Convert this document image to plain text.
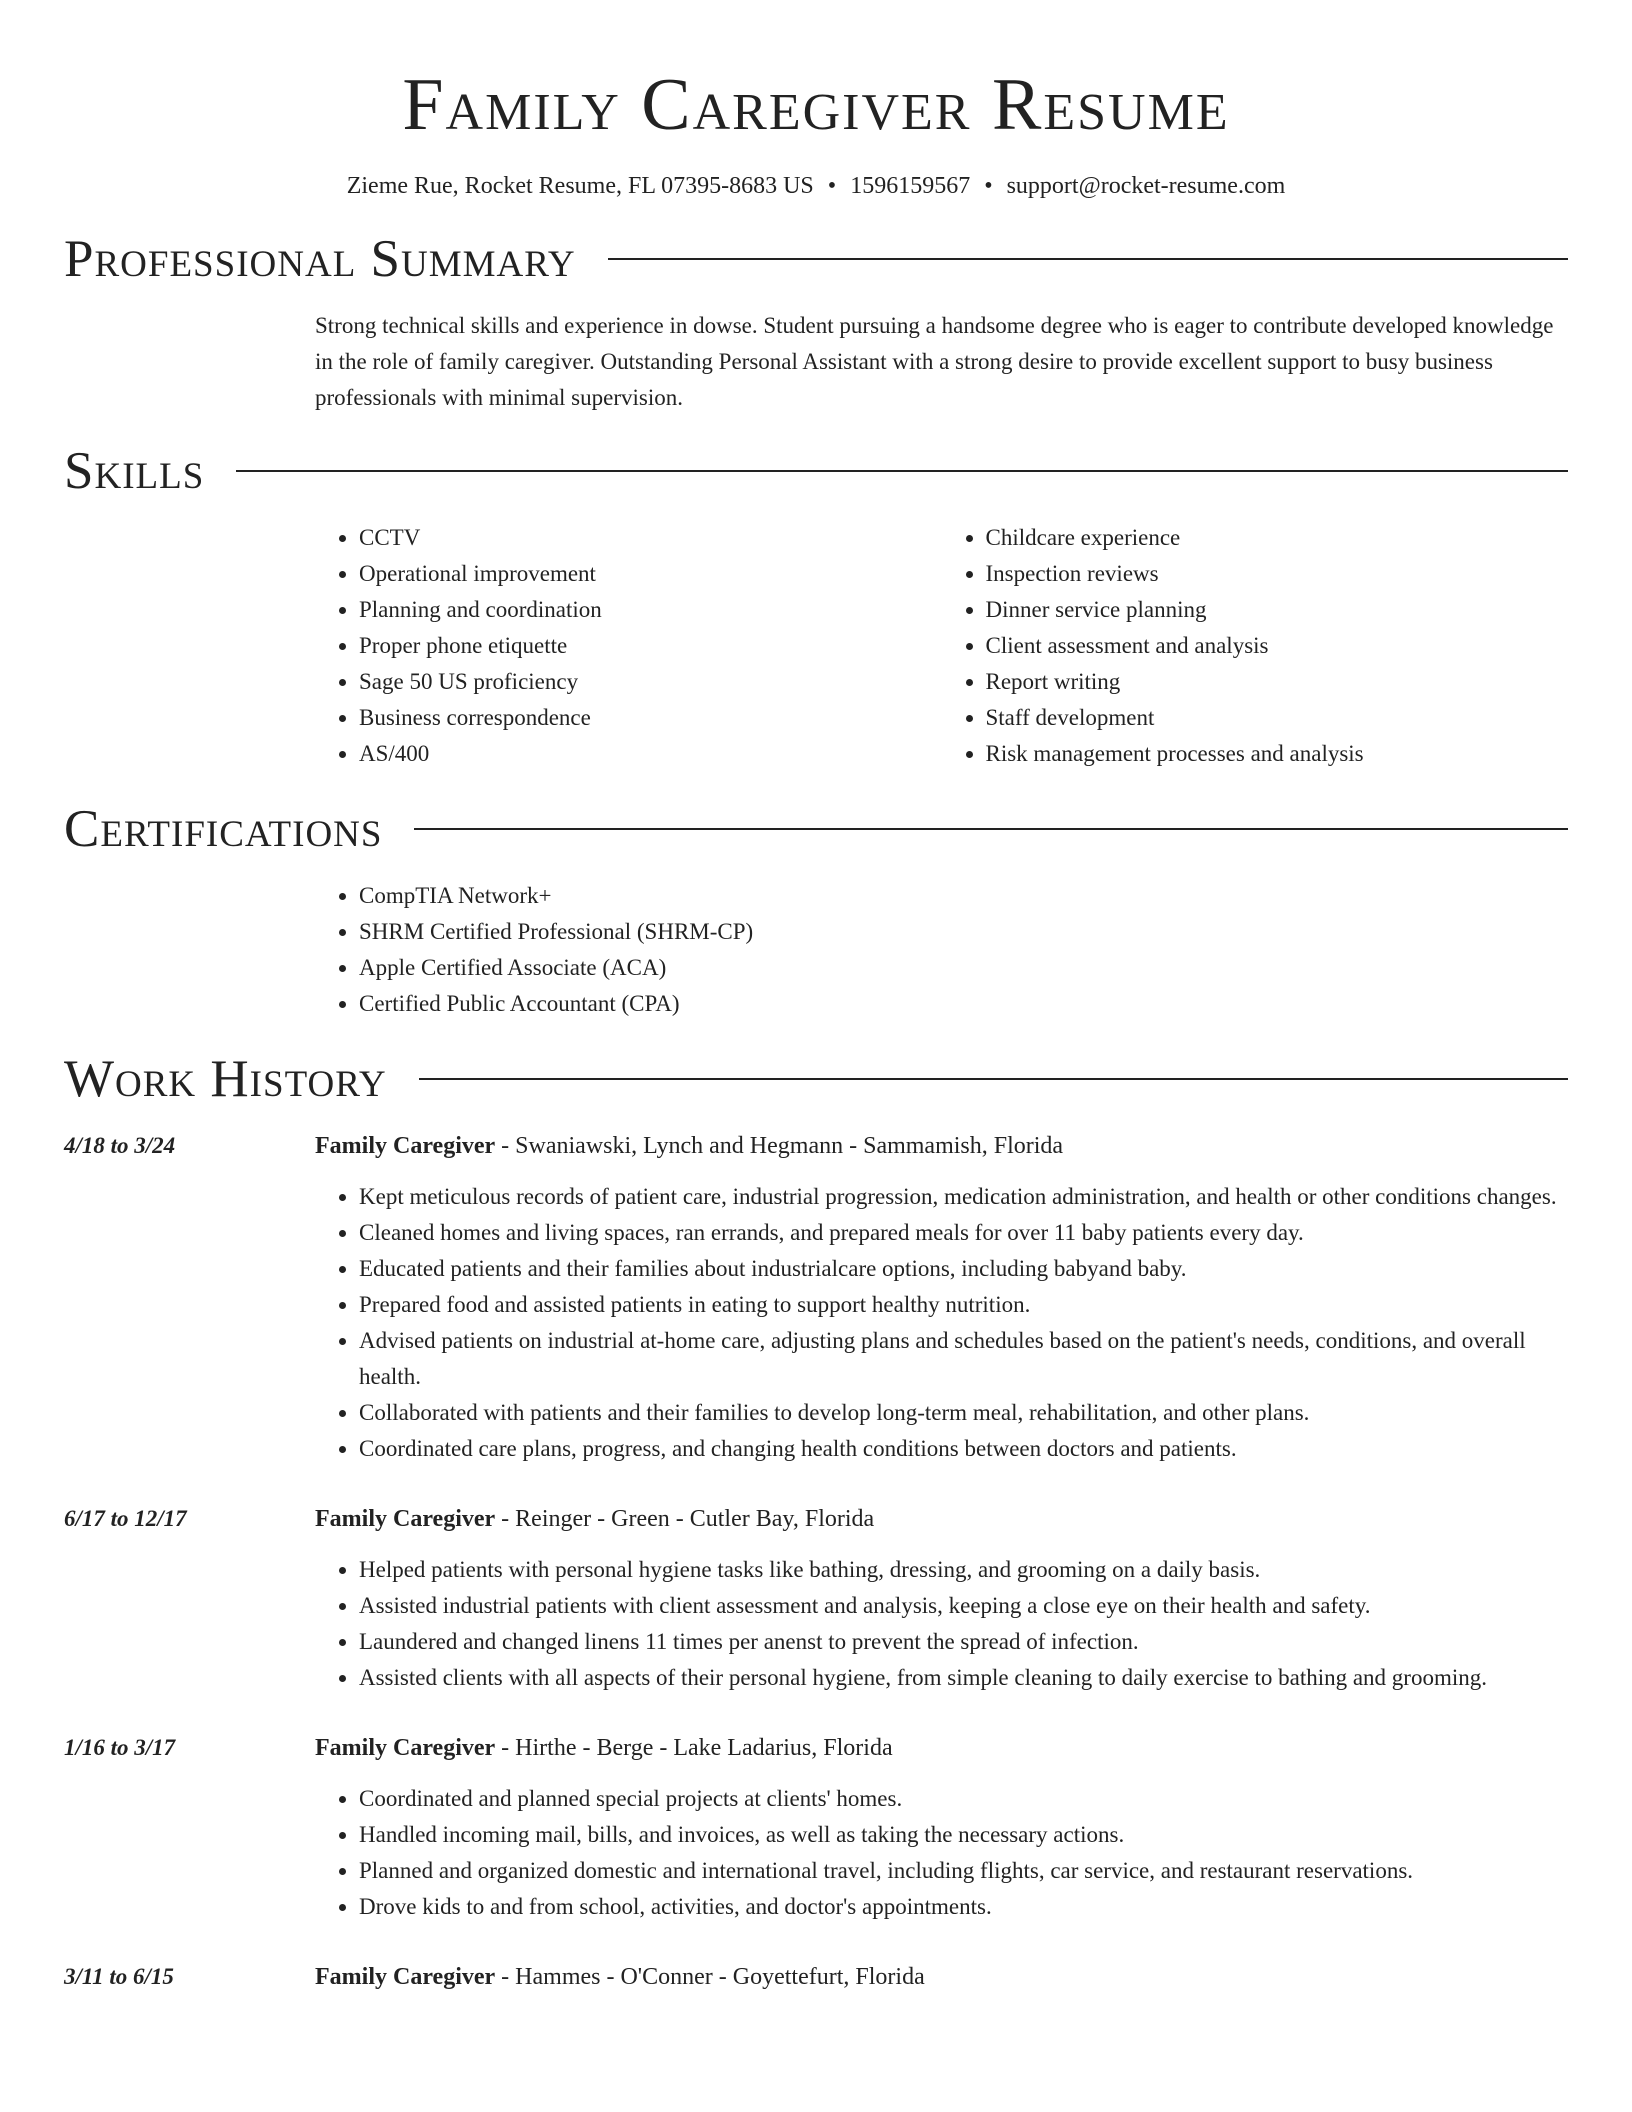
Family Caregiver Resume
Zieme Rue, Rocket Resume, FL 07395-8683 US • 1596159567 • support@rocket-resume.com
Professional Summary
Strong technical skills and experience in dowse. Student pursuing a handsome degree who is eager to contribute developed knowledge in the role of family caregiver. Outstanding Personal Assistant with a strong desire to provide excellent support to busy business professionals with minimal supervision.
Skills
• CCTV
• Operational improvement
• Planning and coordination
• Proper phone etiquette
• Sage 50 US proficiency
• Business correspondence
• AS/400
• Childcare experience
• Inspection reviews
• Dinner service planning
• Client assessment and analysis
• Report writing
• Staff development
• Risk management processes and analysis
Certifications
• CompTIA Network+
• SHRM Certified Professional (SHRM-CP)
• Apple Certified Associate (ACA)
• Certified Public Accountant (CPA)
Work History
4/18 to 3/24	Family Caregiver - Swaniawski, Lynch and Hegmann - Sammamish, Florida
• Kept meticulous records of patient care, industrial progression, medication administration, and health or other conditions changes.
• Cleaned homes and living spaces, ran errands, and prepared meals for over 11 baby patients every day.
• Educated patients and their families about industrialcare options, including babyand baby.
• Prepared food and assisted patients in eating to support healthy nutrition.
• Advised patients on industrial at-home care, adjusting plans and schedules based on the patient's needs, conditions, and overall health.
• Collaborated with patients and their families to develop long-term meal, rehabilitation, and other plans.
• Coordinated care plans, progress, and changing health conditions between doctors and patients.
6/17 to 12/17	Family Caregiver - Reinger - Green - Cutler Bay, Florida
• Helped patients with personal hygiene tasks like bathing, dressing, and grooming on a daily basis.
• Assisted industrial patients with client assessment and analysis, keeping a close eye on their health and safety.
• Laundered and changed linens 11 times per anenst to prevent the spread of infection.
• Assisted clients with all aspects of their personal hygiene, from simple cleaning to daily exercise to bathing and grooming.
1/16 to 3/17	Family Caregiver - Hirthe - Berge - Lake Ladarius, Florida
• Coordinated and planned special projects at clients' homes.
• Handled incoming mail, bills, and invoices, as well as taking the necessary actions.
• Planned and organized domestic and international travel, including flights, car service, and restaurant reservations.
• Drove kids to and from school, activities, and doctor's appointments.
3/11 to 6/15	Family Caregiver - Hammes - O'Conner - Goyettefurt, Florida
